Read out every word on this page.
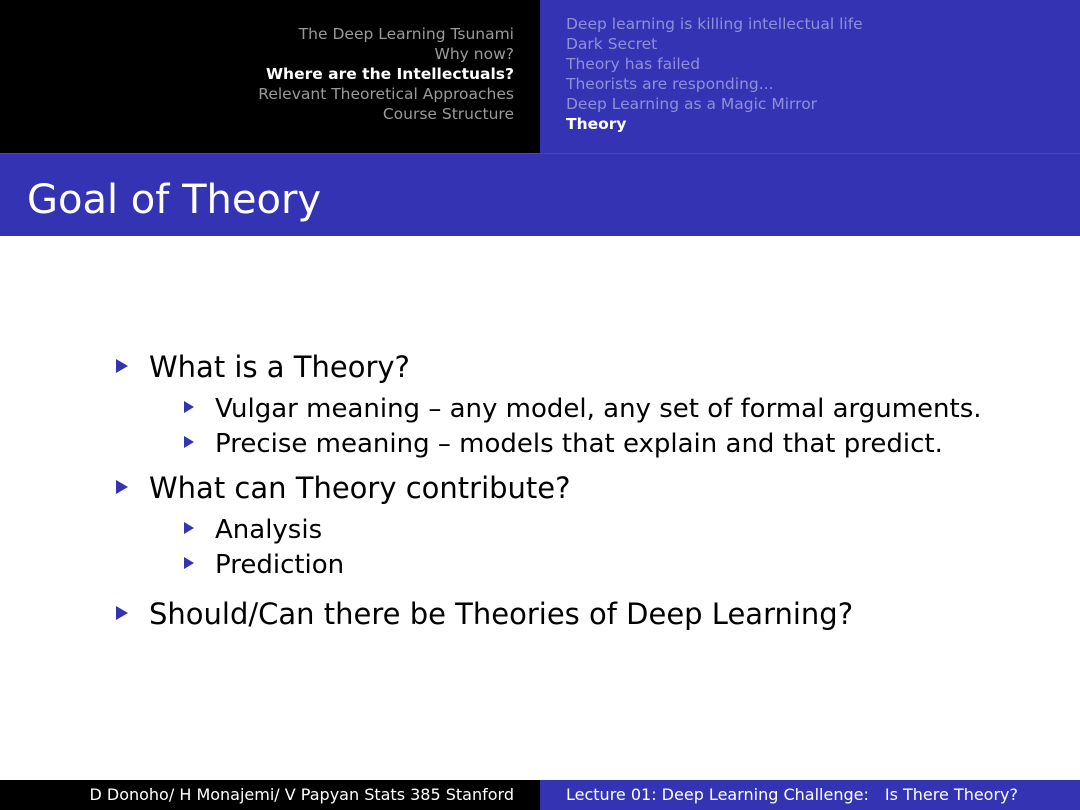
The Deep Learning Tsunami
Why now?
Where are the Intellectuals?
Relevant Theoretical Approaches
Course Structure
Deep learning is killing intellectual life
Dark Secret
Theory has failed
Theorists are responding...
Deep Learning as a Magic Mirror
Theory
Goal of Theory
What is a Theory?
Vulgar meaning – any model, any set of formal arguments.
Precise meaning – models that explain and that predict.
What can Theory contribute?
Analysis
Prediction
Should/Can there be Theories of Deep Learning?
D Donoho/ H Monajemi/ V Papyan Stats 385 Stanford	Lecture 01: Deep Learning Challenge: Is There Theory?
